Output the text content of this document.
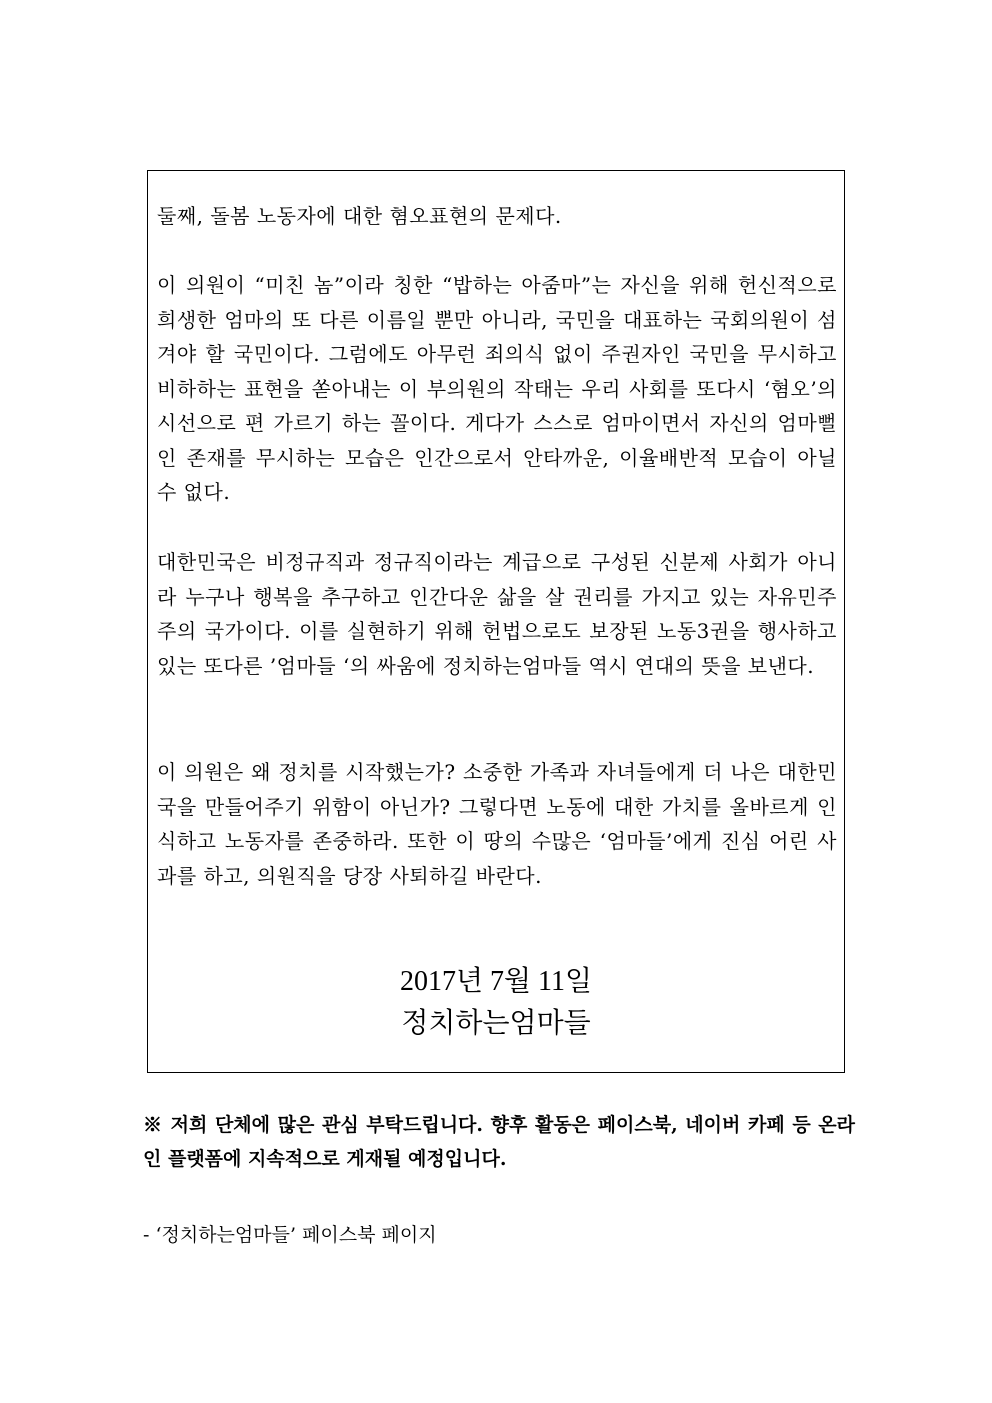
둘째, 돌봄 노동자에 대한 혐오표현의 문제다.

이 의원이 “미친 놈”이라 칭한 “밥하는 아줌마”는 자신을 위해 헌신적으로 희생한 엄마의 또 다른 이름일 뿐만 아니라, 국민을 대표하는 국회의원이 섬겨야 할 국민이다. 그럼에도 아무런 죄의식 없이 주권자인 국민을 무시하고 비하하는 표현을 쏟아내는 이 부의원의 작태는 우리 사회를 또다시 ‘혐오’의 시선으로 편 가르기 하는 꼴이다. 게다가 스스로 엄마이면서 자신의 엄마뻘인 존재를 무시하는 모습은 인간으로서 안타까운, 이율배반적 모습이 아닐 수 없다.

대한민국은 비정규직과 정규직이라는 계급으로 구성된 신분제 사회가 아니라 누구나 행복을 추구하고 인간다운 삶을 살 권리를 가지고 있는 자유민주주의 국가이다. 이를 실현하기 위해 헌법으로도 보장된 노동3권을 행사하고 있는 또다른 ’엄마들 ‘의 싸움에 정치하는엄마들 역시 연대의 뜻을 보낸다.

이 의원은 왜 정치를 시작했는가? 소중한 가족과 자녀들에게 더 나은 대한민국을 만들어주기 위함이 아닌가? 그렇다면 노동에 대한 가치를 올바르게 인식하고 노동자를 존중하라. 또한 이 땅의 수많은 ‘엄마들’에게 진심 어린 사과를 하고, 의원직을 당장 사퇴하길 바란다.

2017년 7월 11일
정치하는엄마들

※ 저희 단체에 많은 관심 부탁드립니다. 향후 활동은 페이스북, 네이버 카페 등 온라인 플랫폼에 지속적으로 게재될 예정입니다.

- ‘정치하는엄마들’ 페이스북 페이지
